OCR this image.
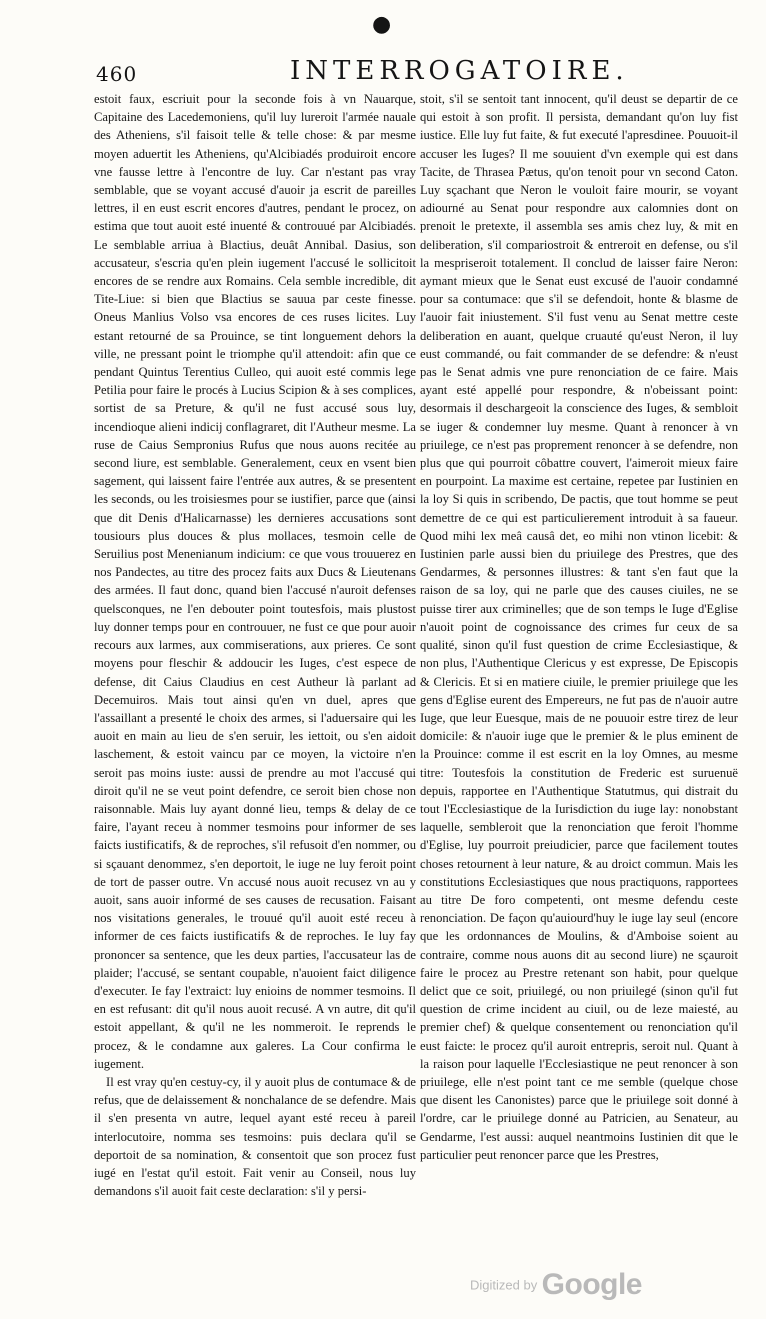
●
460	INTERROGATOIRE.

estoit faux, escriuit pour la seconde fois à vn Nauarque, Capitaine des Lacedemoniens, qu'il luy lureroit l'armée nauale des Atheniens, s'il faisoit telle & telle chose: & par mesme moyen aduertit les Atheniens, qu'Alcibiadés produiroit encore vne fausse lettre à l'encontre de luy. Car n'estant pas vray semblable, que se voyant accusé d'auoir ja escrit de pareilles lettres, il en eust escrit encores d'autres, pendant le procez, on estima que tout auoit esté inuenté & controuué par Alcibiadés. Le semblable arriua à Blactius, deuât Annibal. Dasius, son accusateur, s'escria qu'en plein iugement l'accusé le sollicitoit encores de se rendre aux Romains. Cela semble incredible, dit Tite-Liue: si bien que Blactius se sauua par ceste finesse. Oneus Manlius Volso vsa encores de ces ruses licites. Luy estant retourné de sa Prouince, se tint longuement dehors la ville, ne pressant point le triomphe qu'il attendoit: afin que ce pendant Quintus Terentius Culleo, qui auoit esté commis lege Petilia pour faire le procés à Lucius Scipion & à ses complices, sortist de sa Preture, & qu'il ne fust accusé sous luy, incendioque alieni indicij conflagraret, dit l'Autheur mesme. La ruse de Caius Sempronius Rufus que nous auons recitée au second liure, est semblable. Generalement, ceux en vsent bien sagement, qui laissent faire l'entrée aux autres, & se presentent les seconds, ou les troisiesmes pour se iustifier, parce que (ainsi que dit Denis d'Halicarnasse) les dernieres accusations sont tousiours plus douces & plus mollaces, tesmoin celle de Seruilius post Menenianum indicium: ce que vous trouuerez en nos Pandectes, au titre des procez faits aux Ducs & Lieutenans des armées. Il faut donc, quand bien l'accusé n'auroit defenses quelsconques, ne l'en debouter point toutesfois, mais plustost luy donner temps pour en controuuer, ne fust ce que pour auoir recours aux larmes, aux commiserations, aux prieres. Ce sont moyens pour fleschir & addoucir les Iuges, c'est espece de defense, dit Caius Claudius en cest Autheur là parlant ad Decemuiros. Mais tout ainsi qu'en vn duel, apres que l'assaillant a presenté le choix des armes, si l'aduersaire qui les auoit en main au lieu de s'en seruir, les iettoit, ou s'en aidoit laschement, & estoit vaincu par ce moyen, la victoire n'en seroit pas moins iuste: aussi de prendre au mot l'accusé qui diroit qu'il ne se veut point defendre, ce seroit bien chose non raisonnable. Mais luy ayant donné lieu, temps & delay de ce faire, l'ayant receu à nommer tesmoins pour informer de ses faicts iustificatifs, & de reproches, s'il refusoit d'en nommer, ou si sçauant denommez, s'en deportoit, le iuge ne luy feroit point de tort de passer outre. Vn accusé nous auoit recusez vn au y auoit, sans auoir informé de ses causes de recusation. Faisant nos visitations generales, le trouué qu'il auoit esté receu à informer de ces faicts iustificatifs & de reproches. Ie luy fay prononcer sa sentence, que les deux parties, l'accusateur las de plaider; l'accusé, se sentant coupable, n'auoient faict diligence d'executer. Ie fay l'extraict: luy enioins de nommer tesmoins. Il en est refusant: dit qu'il nous auoit recusé. A vn autre, dit qu'il estoit appellant, & qu'il ne les nommeroit. Ie reprends le procez, & le condamne aux galeres. La Cour confirma le iugement.

Il est vray qu'en cestuy-cy, il y auoit plus de contumace & de refus, que de delaissement & nonchalance de se defendre. Mais il s'en presenta vn autre, lequel ayant esté receu à pareil interlocutoire, nomma ses tesmoins: puis declara qu'il se deportoit de sa nomination, & consentoit que son procez fust iugé en l'estat qu'il estoit. Fait venir au Conseil, nous luy demandons s'il auoit fait ceste declaration: s'il y persi-

stoit, s'il se sentoit tant innocent, qu'il deust se departir de ce qui estoit à son profit. Il persista, demandant qu'on luy fist iustice. Elle luy fut faite, & fut executé l'apresdinee. Pouuoit-il accuser les Iuges? Il me souuient d'vn exemple qui est dans Tacite, de Thrasea Pætus, qu'on tenoit pour vn second Caton. Luy sçachant que Neron le vouloit faire mourir, se voyant adiourné au Senat pour respondre aux calomnies dont on prenoit le pretexte, il assembla ses amis chez luy, & mit en deliberation, s'il compariostroit & entreroit en defense, ou s'il la mespriseroit totalement. Il conclud de laisser faire Neron: aymant mieux que le Senat eust excusé de l'auoir condamné pour sa contumace: que s'il se defendoit, honte & blasme de l'auoir fait iniustement. S'il fust venu au Senat mettre ceste deliberation en auant, quelque cruauté qu'eust Neron, il luy eust commandé, ou fait commander de se defendre: & n'eust pas le Senat admis vne pure renonciation de ce faire. Mais ayant esté appellé pour respondre, & n'obeissant point: desormais il deschargeoit la conscience des Iuges, & sembloit se iuger & condemner luy mesme. Quant à renoncer à vn priuilege, ce n'est pas proprement renoncer à se defendre, non plus que qui pourroit côbattre couvert, l'aimeroit mieux faire en pourpoint. La maxime est certaine, repetee par Iustinien en la loy Si quis in scribendo, De pactis, que tout homme se peut demettre de ce qui est particulierement introduit à sa faueur. Quod mihi lex meâ causâ det, eo mihi non vtinon licebit: & Iustinien parle aussi bien du priuilege des Prestres, que des Gendarmes, & personnes illustres: & tant s'en faut que la raison de sa loy, qui ne parle que des causes ciuiles, ne se puisse tirer aux criminelles; que de son temps le Iuge d'Eglise n'auoit point de cognoissance des crimes fur ceux de sa qualité, sinon qu'il fust question de crime Ecclesiastique, & non plus, l'Authentique Clericus y est expresse, De Episcopis & Clericis. Et si en matiere ciuile, le premier priuilege que les gens d'Eglise eurent des Empereurs, ne fut pas de n'auoir autre Iuge, que leur Euesque, mais de ne pouuoir estre tirez de leur domicile: & n'auoir iuge que le premier & le plus eminent de la Prouince: comme il est escrit en la loy Omnes, au mesme titre: Toutesfois la constitution de Frederic est suruenuë depuis, rapportee en l'Authentique Statutmus, qui distrait du tout l'Ecclesiastique de la Iurisdiction du iuge lay: nonobstant laquelle, sembleroit que la renonciation que feroit l'homme d'Eglise, luy pourroit preiudicier, parce que facilement toutes choses retournent à leur nature, & au droict commun. Mais les constitutions Ecclesiastiques que nous practiquons, rapportees au titre De foro competenti, ont mesme defendu ceste renonciation. De façon qu'auiourd'huy le iuge lay seul (encore que les ordonnances de Moulins, & d'Amboise soient au contraire, comme nous auons dit au second liure) ne sçauroit faire le procez au Prestre retenant son habit, pour quelque delict que ce soit, priuilegé, ou non priuilegé (sinon qu'il fut question de crime incident au ciuil, ou de leze maiesté, au premier chef) & quelque consentement ou renonciation qu'il eust faicte: le procez qu'il auroit entrepris, seroit nul. Quant à la raison pour laquelle l'Ecclesiastique ne peut renoncer à son priuilege, elle n'est point tant ce me semble (quelque chose que disent les Canonistes) parce que le priuilege soit donné à l'ordre, car le priuilege donné au Patricien, au Senateur, au Gendarme, l'est aussi: auquel neantmoins Iustinien dit que le particulier peut renoncer parce que les Prestres,

Digitized by Google
